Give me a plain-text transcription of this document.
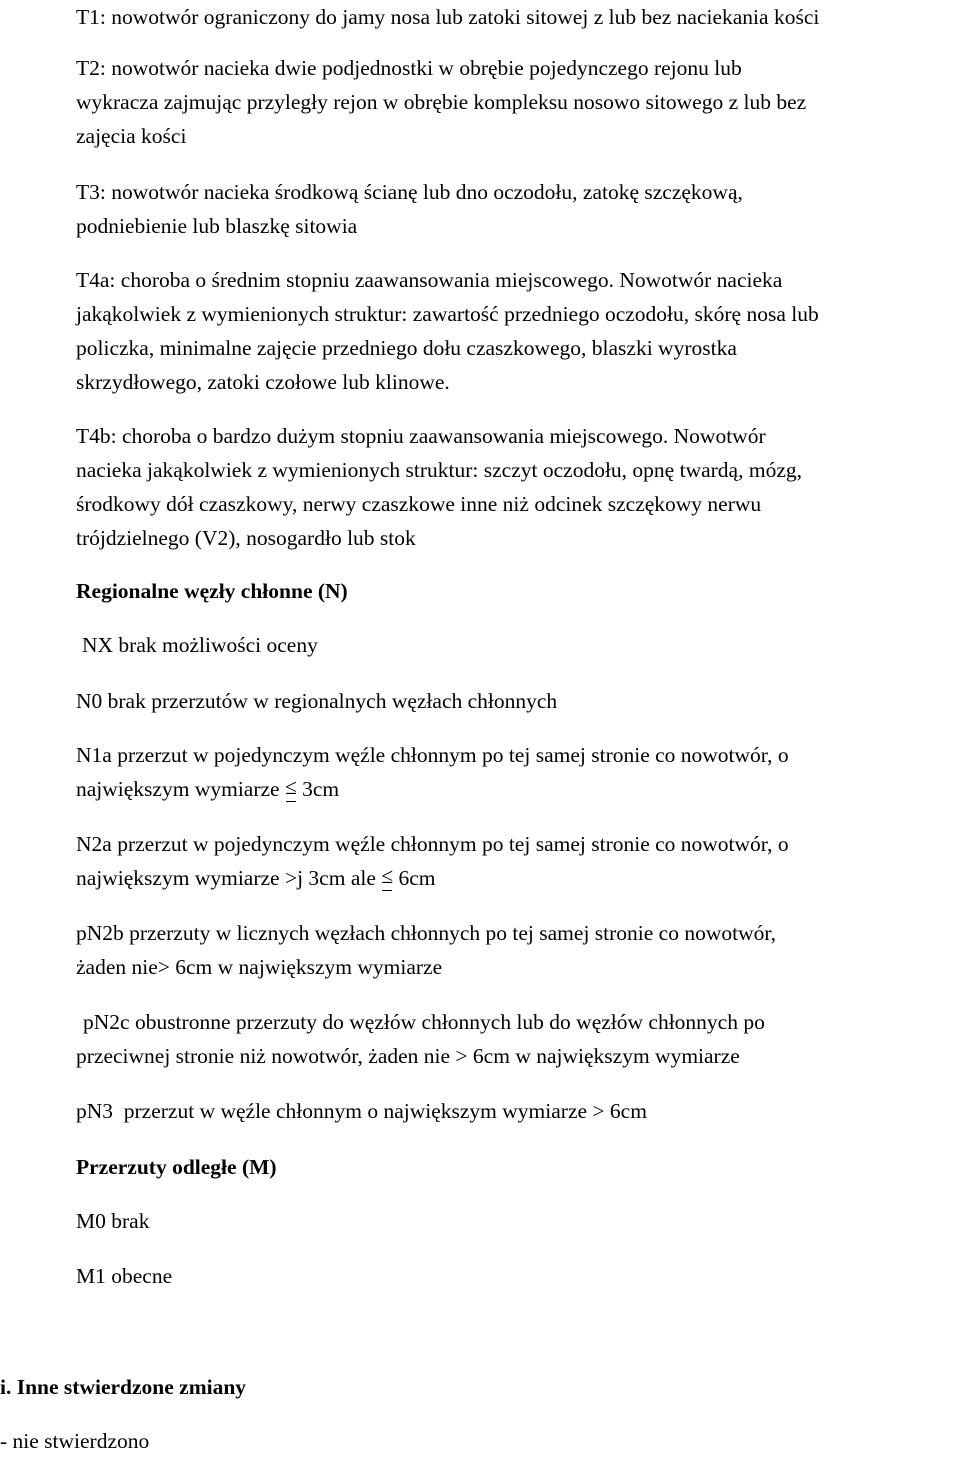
T1: nowotwór ograniczony do jamy nosa lub zatoki sitowej z lub bez naciekania kości

T2: nowotwór nacieka dwie podjednostki w obrębie pojedynczego rejonu lub
wykracza zajmując przyległy rejon w obrębie kompleksu nosowo sitowego z lub bez
zajęcia kości

T3: nowotwór nacieka środkową ścianę lub dno oczodołu, zatokę szczękową,
podniebienie lub blaszkę sitowia

T4a: choroba o średnim stopniu zaawansowania miejscowego. Nowotwór nacieka
jakąkolwiek z wymienionych struktur: zawartość przedniego oczodołu, skórę nosa lub
policzka, minimalne zajęcie przedniego dołu czaszkowego, blaszki wyrostka
skrzydłowego, zatoki czołowe lub klinowe.

T4b: choroba o bardzo dużym stopniu zaawansowania miejscowego. Nowotwór
nacieka jakąkolwiek z wymienionych struktur: szczyt oczodołu, opnę twardą, mózg,
środkowy dół czaszkowy, nerwy czaszkowe inne niż odcinek szczękowy nerwu
trójdzielnego (V2), nosogardło lub stok

Regionalne węzły chłonne (N)

NX brak możliwości oceny

N0 brak przerzutów w regionalnych węzłach chłonnych

N1a przerzut w pojedynczym węźle chłonnym po tej samej stronie co nowotwór, o
największym wymiarze ≤ 3cm

N2a przerzut w pojedynczym węźle chłonnym po tej samej stronie co nowotwór, o
największym wymiarze >j 3cm ale ≤ 6cm

pN2b przerzuty w licznych węzłach chłonnych po tej samej stronie co nowotwór,
żaden nie> 6cm w największym wymiarze

pN2c obustronne przerzuty do węzłów chłonnych lub do węzłów chłonnych po
przeciwnej stronie niż nowotwór, żaden nie > 6cm w największym wymiarze

pN3  przerzut w węźle chłonnym o największym wymiarze > 6cm

Przerzuty odległe (M)

M0 brak

M1 obecne

i. Inne stwierdzone zmiany

- nie stwierdzono
